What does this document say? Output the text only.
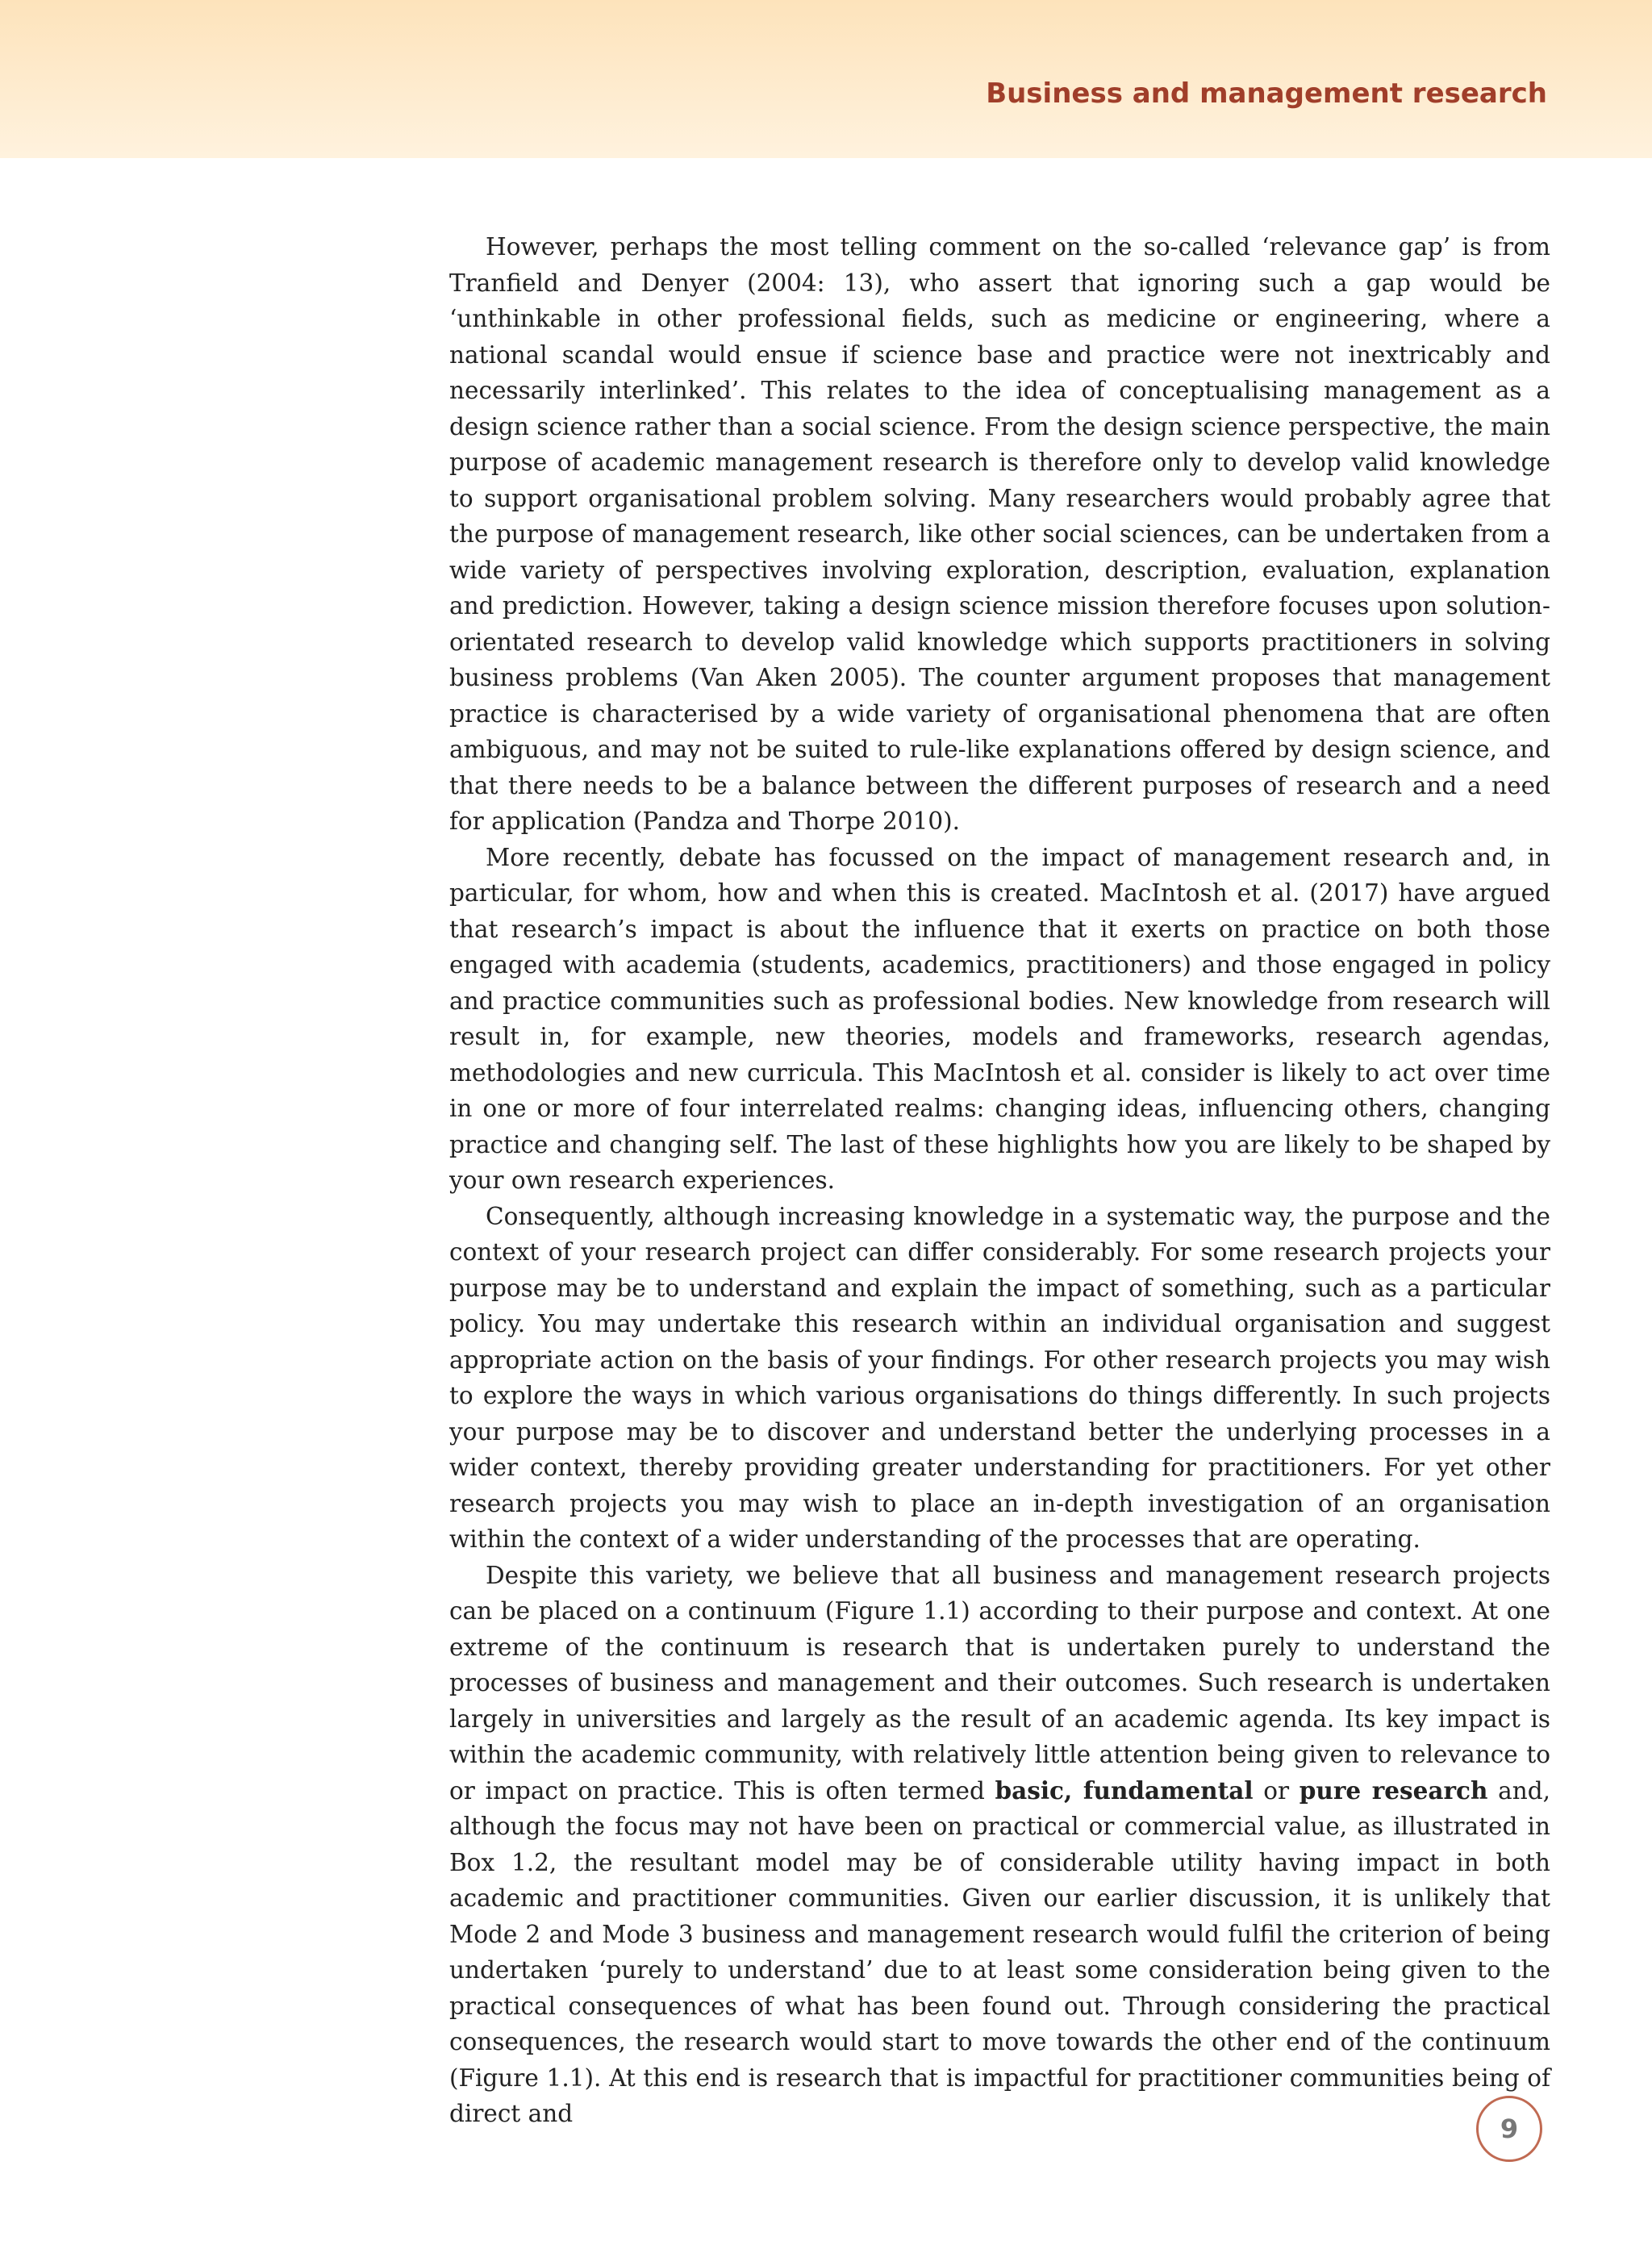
Business and management research

However, perhaps the most telling comment on the so-called ‘relevance gap’ is from Tranfield and Denyer (2004: 13), who assert that ignoring such a gap would be ‘unthinkable in other professional fields, such as medicine or engineering, where a national scandal would ensue if science base and practice were not inextricably and necessarily interlinked’. This relates to the idea of conceptualising management as a design science rather than a social science. From the design science perspective, the main purpose of academic management research is therefore only to develop valid knowledge to support organisational problem solving. Many researchers would probably agree that the purpose of management research, like other social sciences, can be undertaken from a wide variety of perspectives involving exploration, description, evaluation, explanation and prediction. However, taking a design science mission therefore focuses upon solution-orientated research to develop valid knowledge which supports practitioners in solving business problems (Van Aken 2005). The counter argument proposes that management practice is characterised by a wide variety of organisational phenomena that are often ambiguous, and may not be suited to rule-like explanations offered by design science, and that there needs to be a balance between the different purposes of research and a need for application (Pandza and Thorpe 2010).

More recently, debate has focussed on the impact of management research and, in particular, for whom, how and when this is created. MacIntosh et al. (2017) have argued that research’s impact is about the influence that it exerts on practice on both those engaged with academia (students, academics, practitioners) and those engaged in policy and practice communities such as professional bodies. New knowledge from research will result in, for example, new theories, models and frameworks, research agendas, methodologies and new curricula. This MacIntosh et al. consider is likely to act over time in one or more of four interrelated realms: changing ideas, influencing others, changing practice and changing self. The last of these highlights how you are likely to be shaped by your own research experiences.

Consequently, although increasing knowledge in a systematic way, the purpose and the context of your research project can differ considerably. For some research projects your purpose may be to understand and explain the impact of something, such as a particular policy. You may undertake this research within an individual organisation and suggest appropriate action on the basis of your findings. For other research projects you may wish to explore the ways in which various organisations do things differently. In such projects your purpose may be to discover and understand better the underlying processes in a wider context, thereby providing greater understanding for practitioners. For yet other research projects you may wish to place an in-depth investigation of an organisation within the context of a wider understanding of the processes that are operating.

Despite this variety, we believe that all business and management research projects can be placed on a continuum (Figure 1.1) according to their purpose and context. At one extreme of the continuum is research that is undertaken purely to understand the processes of business and management and their outcomes. Such research is undertaken largely in universities and largely as the result of an academic agenda. Its key impact is within the academic community, with relatively little attention being given to relevance to or impact on practice. This is often termed basic, fundamental or pure research and, although the focus may not have been on practical or commercial value, as illustrated in Box 1.2, the resultant model may be of considerable utility having impact in both academic and practitioner communities. Given our earlier discussion, it is unlikely that Mode 2 and Mode 3 business and management research would fulfil the criterion of being undertaken ‘purely to understand’ due to at least some consideration being given to the practical consequences of what has been found out. Through considering the practical consequences, the research would start to move towards the other end of the continuum (Figure 1.1). At this end is research that is impactful for practitioner communities being of direct and	9
